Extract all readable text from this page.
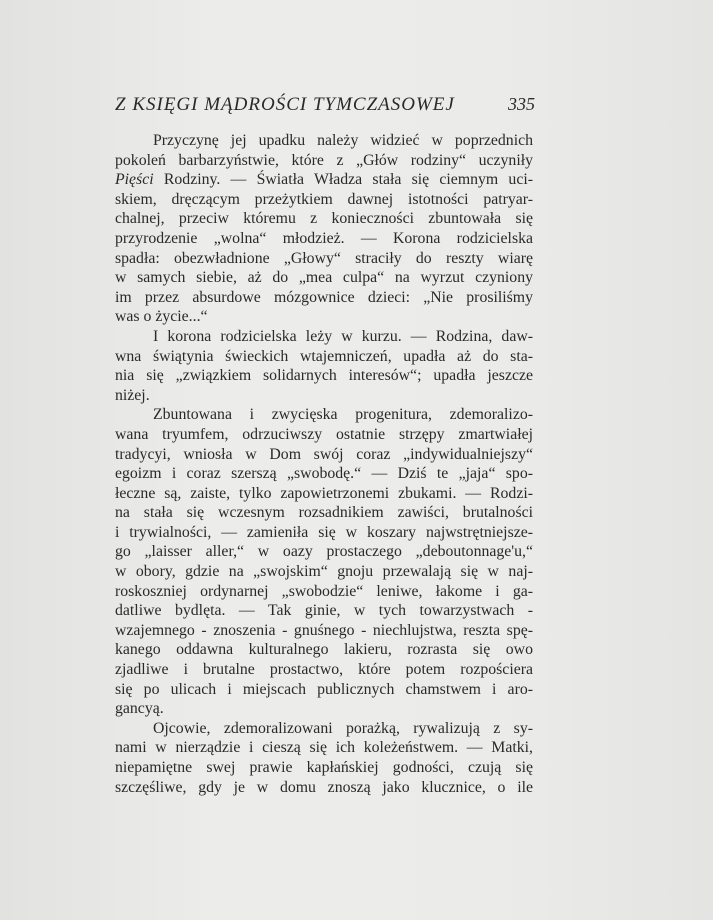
Z KSIĘGI MĄDROŚCI TYMCZASOWEJ	335
Przyczynę jej upadku należy widzieć w poprzednich
pokoleń barbarzyństwie, które z „Głów rodziny“ uczyniły
Pięści Rodziny. — Światła Władza stała się ciemnym uci-
skiem, dręczącym przeżytkiem dawnej istotności patryar-
chalnej, przeciw któremu z konieczności zbuntowała się
przyrodzenie „wolna“ młodzież. — Korona rodzicielska
spadła: obezwładnione „Głowy“ straciły do reszty wiarę
w samych siebie, aż do „mea culpa“ na wyrzut czyniony
im przez absurdowe mózgownice dzieci: „Nie prosiliśmy
was o życie...“
I korona rodzicielska leży w kurzu. — Rodzina, daw-
wna świątynia świeckich wtajemniczeń, upadła aż do sta-
nia się „związkiem solidarnych interesów“; upadła jeszcze
niżej.
Zbuntowana i zwycięska progenitura, zdemoralizo-
wana tryumfem, odrzuciwszy ostatnie strzępy zmartwiałej
tradycyi, wniosła w Dom swój coraz „indywidualniejszy“
egoizm i coraz szerszą „swobodę.“ — Dziś te „jaja“ spo-
łeczne są, zaiste, tylko zapowietrzonemi zbukami. — Rodzi-
na stała się wczesnym rozsadnikiem zawiści, brutalności
i trywialności, — zamieniła się w koszary najwstrętniejsze-
go „laisser aller,“ w oazy prostaczego „deboutonnage'u,“
w obory, gdzie na „swojskim“ gnoju przewalają się w naj-
roskoszniej ordynarnej „swobodzie“ leniwe, łakome i ga-
datliwe bydlęta. — Tak ginie, w tych towarzystwach -
wzajemnego - znoszenia - gnuśnego - niechlujstwa, reszta spę-
kanego oddawna kulturalnego lakieru, rozrasta się owo
zjadliwe i brutalne prostactwo, które potem rozpościera
się po ulicach i miejscach publicznych chamstwem i aro-
gancyą.
Ojcowie, zdemoralizowani porażką, rywalizują z sy-
nami w nierządzie i cieszą się ich koleżeństwem. — Matki,
niepamiętne swej prawie kapłańskiej godności, czują się
szczęśliwe, gdy je w domu znoszą jako klucznice, o ile
